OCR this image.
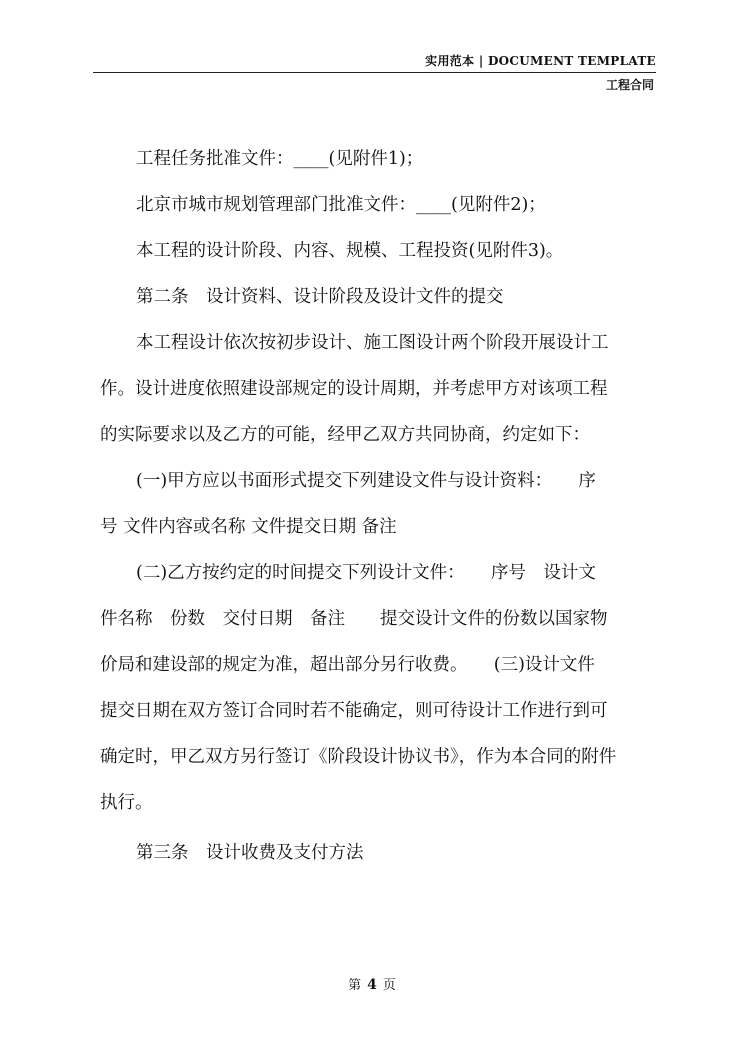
实用范本 | DOCUMENT TEMPLATE
工程合同
工程任务批准文件：____(见附件1)；
北京市城市规划管理部门批准文件：____(见附件2)；
本工程的设计阶段、内容、规模、工程投资(见附件3)。
第二条　设计资料、设计阶段及设计文件的提交
本工程设计依次按初步设计、施工图设计两个阶段开展设计工
作。设计进度依照建设部规定的设计周期，并考虑甲方对该项工程
的实际要求以及乙方的可能，经甲乙双方共同协商，约定如下：
(一)甲方应以书面形式提交下列建设文件与设计资料：　　序
号 文件内容或名称 文件提交日期 备注
(二)乙方按约定的时间提交下列设计文件：　　序号　设计文
件名称　份数　交付日期　备注　　提交设计文件的份数以国家物
价局和建设部的规定为准，超出部分另行收费。　　(三)设计文件
提交日期在双方签订合同时若不能确定，则可待设计工作进行到可
确定时，甲乙双方另行签订《阶段设计协议书》，作为本合同的附件
执行。
第三条　设计收费及支付方法
第 4 页
